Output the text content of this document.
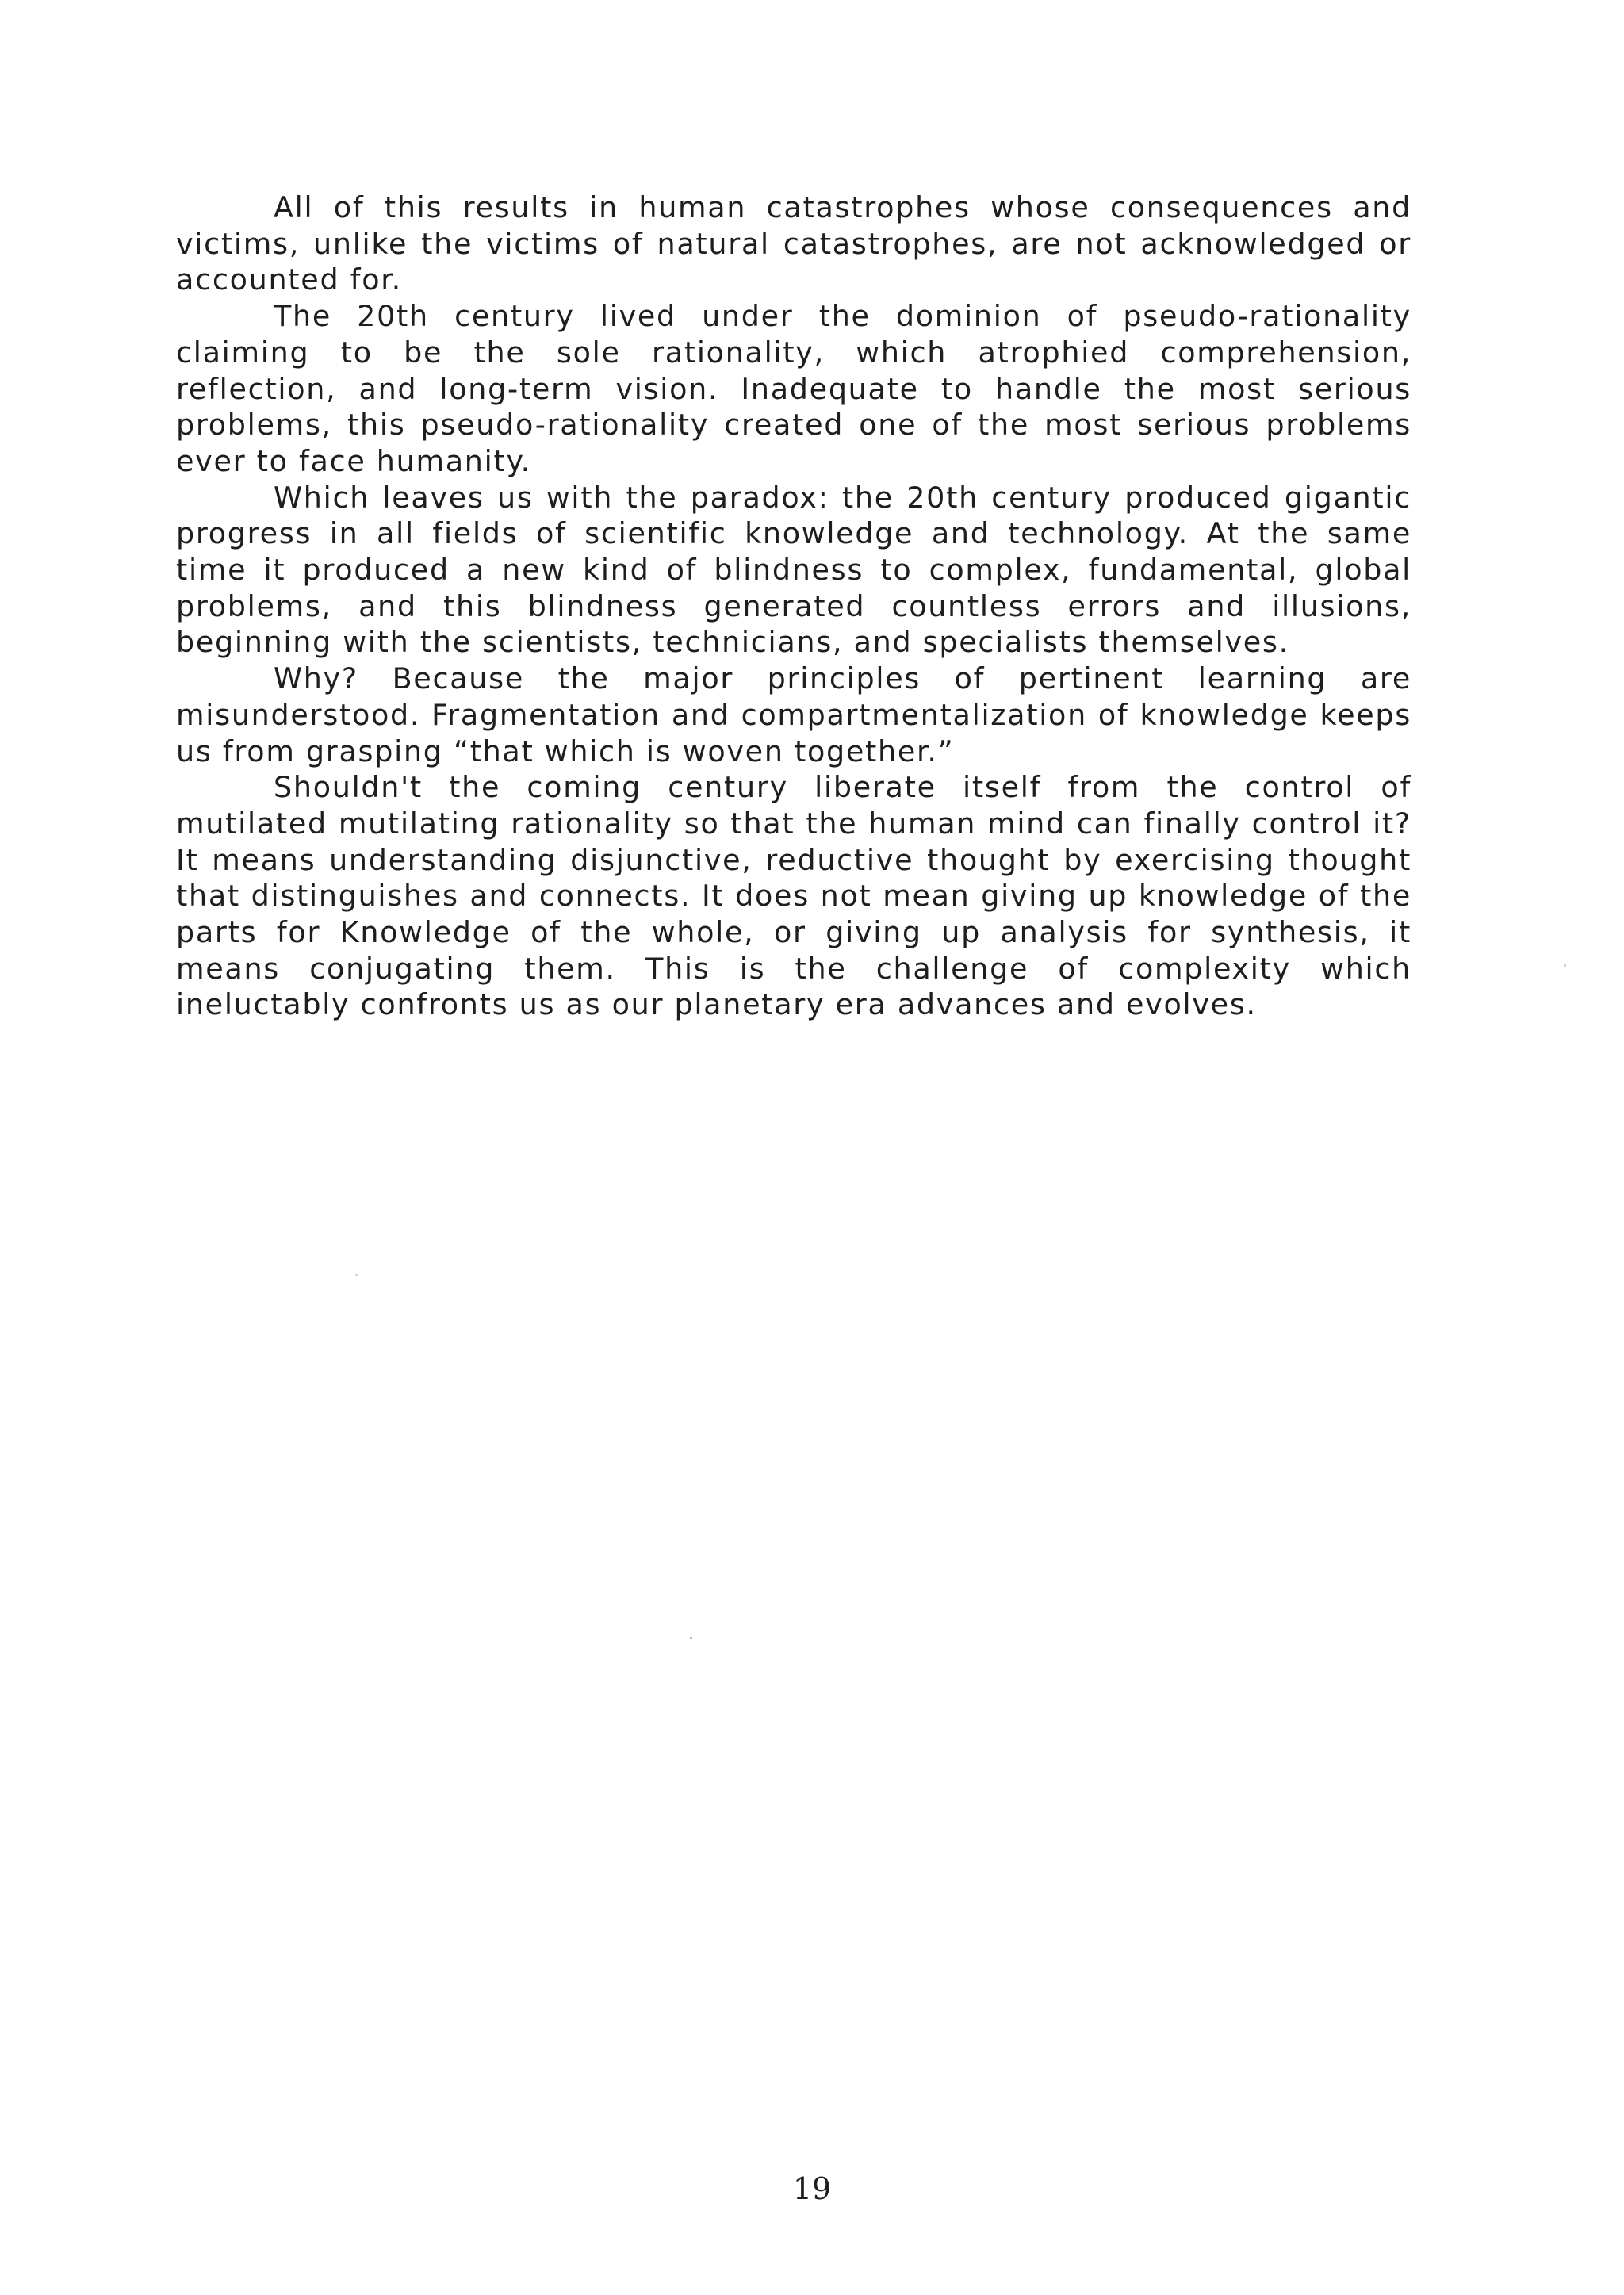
All of this results in human catastrophes whose consequences and victims, unlike the victims of natural catastrophes, are not acknowledged or accounted for.

The 20th century lived under the dominion of pseudo-rationality claiming to be the sole rationality, which atrophied comprehension, reflection, and long-term vision. Inadequate to handle the most serious problems, this pseudo-rationality created one of the most serious problems ever to face humanity.

Which leaves us with the paradox: the 20th century produced gigantic progress in all fields of scientific knowledge and technology. At the same time it produced a new kind of blindness to complex, fundamental, global problems, and this blindness generated countless errors and illusions, beginning with the scientists, technicians, and specialists themselves.

Why? Because the major principles of pertinent learning are misunderstood. Fragmentation and compartmentalization of knowledge keeps us from grasping “that which is woven together.”

Shouldn't the coming century liberate itself from the control of mutilated mutilating rationality so that the human mind can finally control it? It means understanding disjunctive, reductive thought by exercising thought that distinguishes and connects. It does not mean giving up knowledge of the parts for Knowledge of the whole, or giving up analysis for synthesis, it means conjugating them. This is the challenge of complexity which ineluctably confronts us as our planetary era advances and evolves.

19
